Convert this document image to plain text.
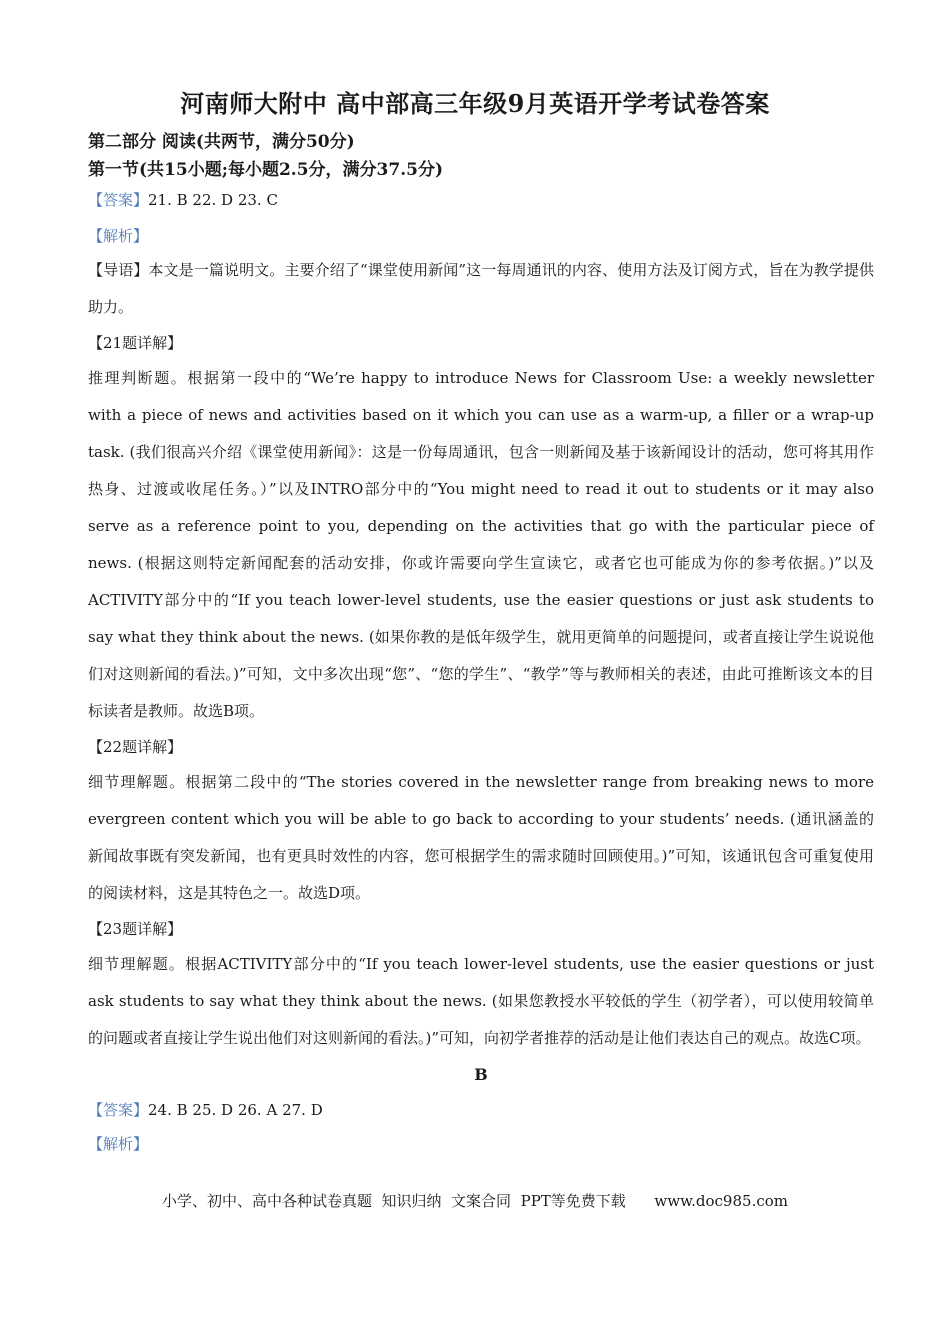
河南师大附中 高中部高三年级9月英语开学考试卷答案
第二部分 阅读(共两节，满分50分)
第一节(共15小题;每小题2.5分，满分37.5分)
【答案】21. B 22. D 23. C
【解析】

【导语】本文是一篇说明文。主要介绍了“课堂使用新闻”这一每周通讯的内容、使用方法及订阅方式，旨在为教学提供助力。

【21题详解】

推理判断题。根据第一段中的“We’re happy to introduce News for Classroom Use: a weekly newsletter with a piece of news and activities based on it which you can use as a warm-up, a filler or a wrap-up task. (我们很高兴介绍《课堂使用新闻》：这是一份每周通讯，包含一则新闻及基于该新闻设计的活动，您可将其用作热身、过渡或收尾任务。）”以及INTRO部分中的“You might need to read it out to students or it may also serve as a reference point to you, depending on the activities that go with the particular piece of news. (根据这则特定新闻配套的活动安排，你或许需要向学生宣读它，或者它也可能成为你的参考依据。)”以及ACTIVITY部分中的“If you teach lower-level students, use the easier questions or just ask students to say what they think about the news. (如果你教的是低年级学生，就用更简单的问题提问，或者直接让学生说说他们对这则新闻的看法。)”可知，文中多次出现“您”、“您的学生”、“教学”等与教师相关的表述，由此可推断该文本的目标读者是教师。故选B项。

【22题详解】

细节理解题。根据第二段中的“The stories covered in the newsletter range from breaking news to more evergreen content which you will be able to go back to according to your students’ needs. (通讯涵盖的新闻故事既有突发新闻，也有更具时效性的内容，您可根据学生的需求随时回顾使用。)”可知，该通讯包含可重复使用的阅读材料，这是其特色之一。故选D项。

【23题详解】

细节理解题。根据ACTIVITY部分中的“If you teach lower-level students, use the easier questions or just ask students to say what they think about the news. (如果您教授水平较低的学生（初学者），可以使用较简单的问题或者直接让学生说出他们对这则新闻的看法。)”可知，向初学者推荐的活动是让他们表达自己的观点。故选C项。

B
【答案】24. B 25. D 26. A 27. D
【解析】
小学、初中、高中各种试卷真题  知识归纳  文案合同  PPT等免费下载      www.doc985.com
